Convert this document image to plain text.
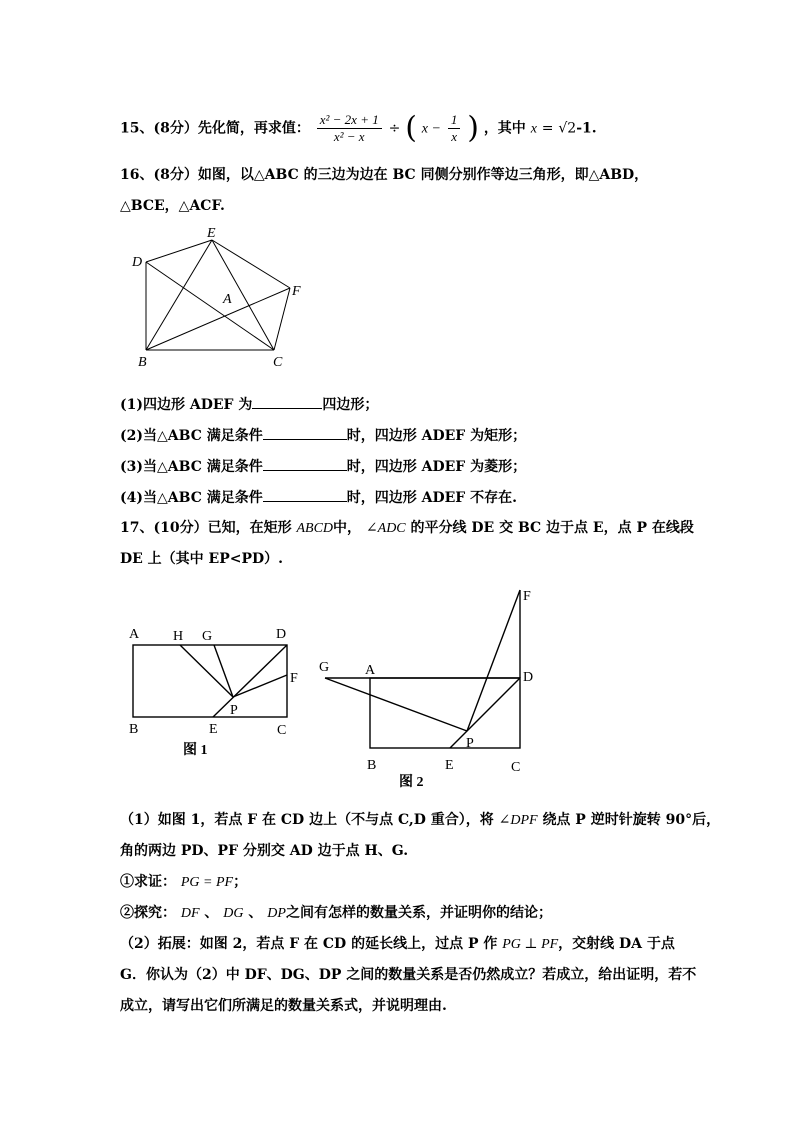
15、(8分）先化简，再求值： $\frac{\text{x² − 2x + 1}}{\text{x² − x}}$ ÷ ( $x - \frac{1}{x}$ ) ，其中 x = √2-1.
16、(8分）如图，以△ABC 的三边为边在 BC 同侧分别作等边三角形，即△ABD，
△BCE，△ACF.
D
E
F
A
B	C
(1)四边形 ADEF 为	四边形；
(2)当△ABC 满足条件	时，四边形 ADEF 为矩形；
(3)当△ABC 满足条件	时，四边形 ADEF 为菱形；
(4)当△ABC 满足条件	时，四边形 ADEF 不存在.
17、(10分）已知，在矩形 ABCD中， ∠ADC 的平分线 DE 交 BC 边于点 E，点 P 在线段
DE 上（其中 EP<PD）.
A H G	D
F
P
B	E	C
图 1
F
G	A	D
P
B	E	C
图 2
（1）如图 1，若点 F 在 CD 边上（不与点 C,D 重合），将 ∠DPF 绕点 P 逆时针旋转 90°后，
角的两边 PD、PF 分别交 AD 边于点 H、G.
①求证： PG = PF；
②探究： DF 、 DG 、 DP之间有怎样的数量关系，并证明你的结论；
（2）拓展：如图 2，若点 F 在 CD 的延长线上，过点 P 作 PG ⊥ PF，交射线 DA 于点
G．你认为（2）中 DF、DG、DP 之间的数量关系是否仍然成立？若成立，给出证明，若不
成立，请写出它们所满足的数量关系式，并说明理由.
